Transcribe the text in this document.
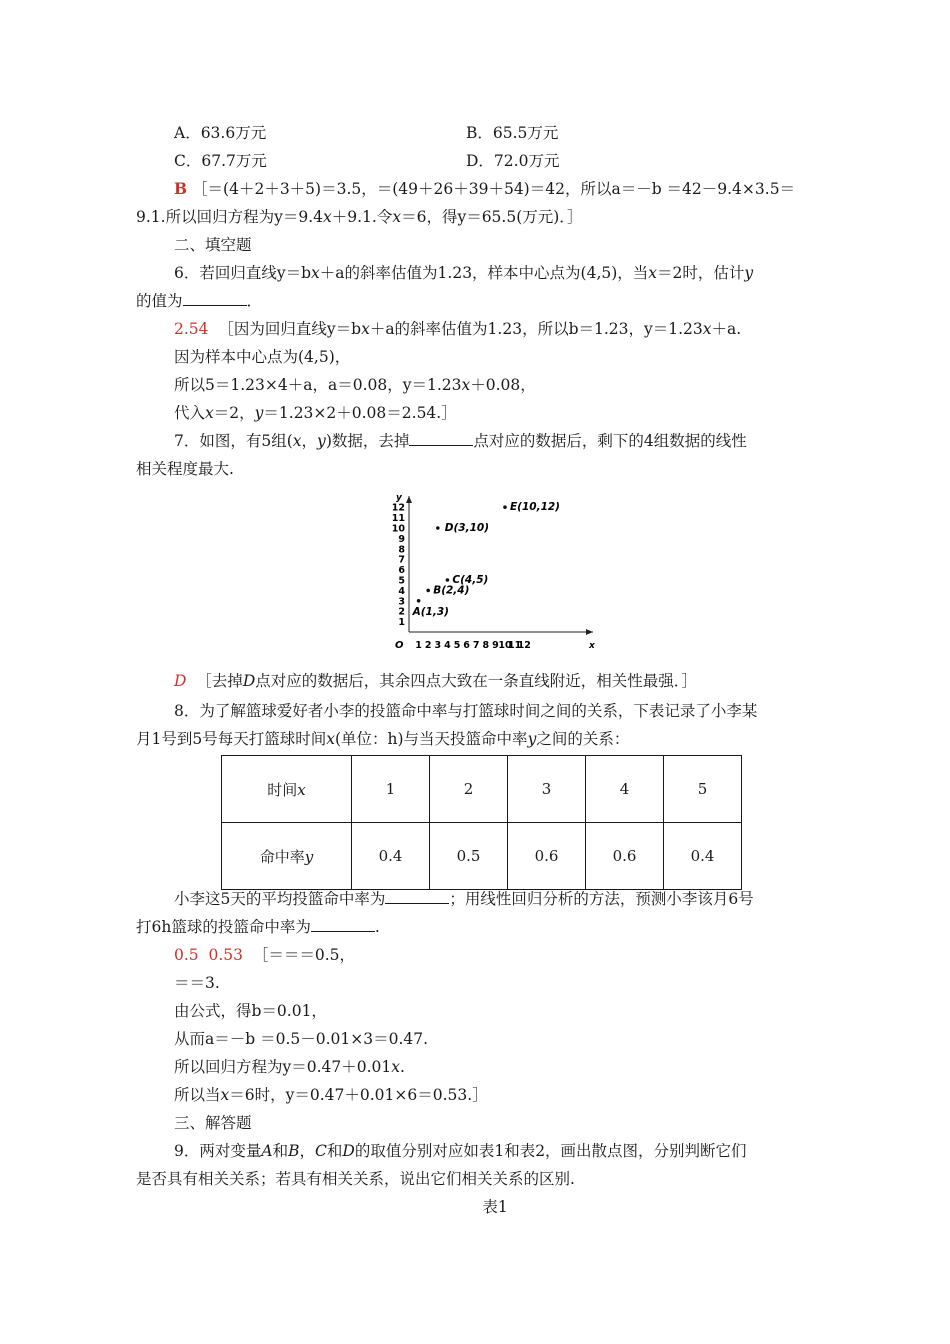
A．63.6万元	B．65.5万元
C．67.7万元	D．72.0万元
B ［＝(4＋2＋3＋5)＝3.5，＝(49＋26＋39＋54)＝42，所以a＝－b ＝42－9.4×3.5＝
9.1.所以回归方程为y＝9.4x＋9.1.令x＝6，得y＝65.5(万元)．］
二、填空题
6．若回归直线y＝bx＋a的斜率估值为1.23，样本中心点为(4,5)，当x＝2时，估计y
的值为	．
2.54 ［因为回归直线y＝bx＋a的斜率估值为1.23，所以b＝1.23，y＝1.23x＋a.
因为样本中心点为(4,5)，
所以5＝1.23×4＋a，a＝0.08，y＝1.23x＋0.08，
代入x＝2，y＝1.23×2＋0.08＝2.54.］
7．如图，有5组(x，y)数据，去掉	点对应的数据后，剩下的4组数据的线性
相关程度最大.
O	x
y
1 2 3 4 5 6 7 8 9 10
11
12
1
2
3
4
5
6
7
8
9
10
11
12
A(1,3)
B(2,4)
C(4,5)
D(3,10)
E(10,12)
D ［去掉D点对应的数据后，其余四点大致在一条直线附近，相关性最强．］
8．为了解篮球爱好者小李的投篮命中率与打篮球时间之间的关系，下表记录了小李某
月1号到5号每天打篮球时间x(单位：h)与当天投篮命中率y之间的关系：
时间x	1	2	3	4	5
命中率y	0.4	0.5	0.6	0.6	0.4
小李这5天的平均投篮命中率为	；用线性回归分析的方法，预测小李该月6号
打6h篮球的投篮命中率为	.
0.5 0.53 ［＝＝＝0.5，
＝＝3.
由公式，得b＝0.01，
从而a＝－b ＝0.5－0.01×3＝0.47.
所以回归方程为y＝0.47＋0.01x.
所以当x＝6时，y＝0.47＋0.01×6＝0.53.］
三、解答题
9．两对变量A和B，C和D的取值分别对应如表1和表2，画出散点图，分别判断它们
是否具有相关关系；若具有相关关系，说出它们相关关系的区别.
表1
